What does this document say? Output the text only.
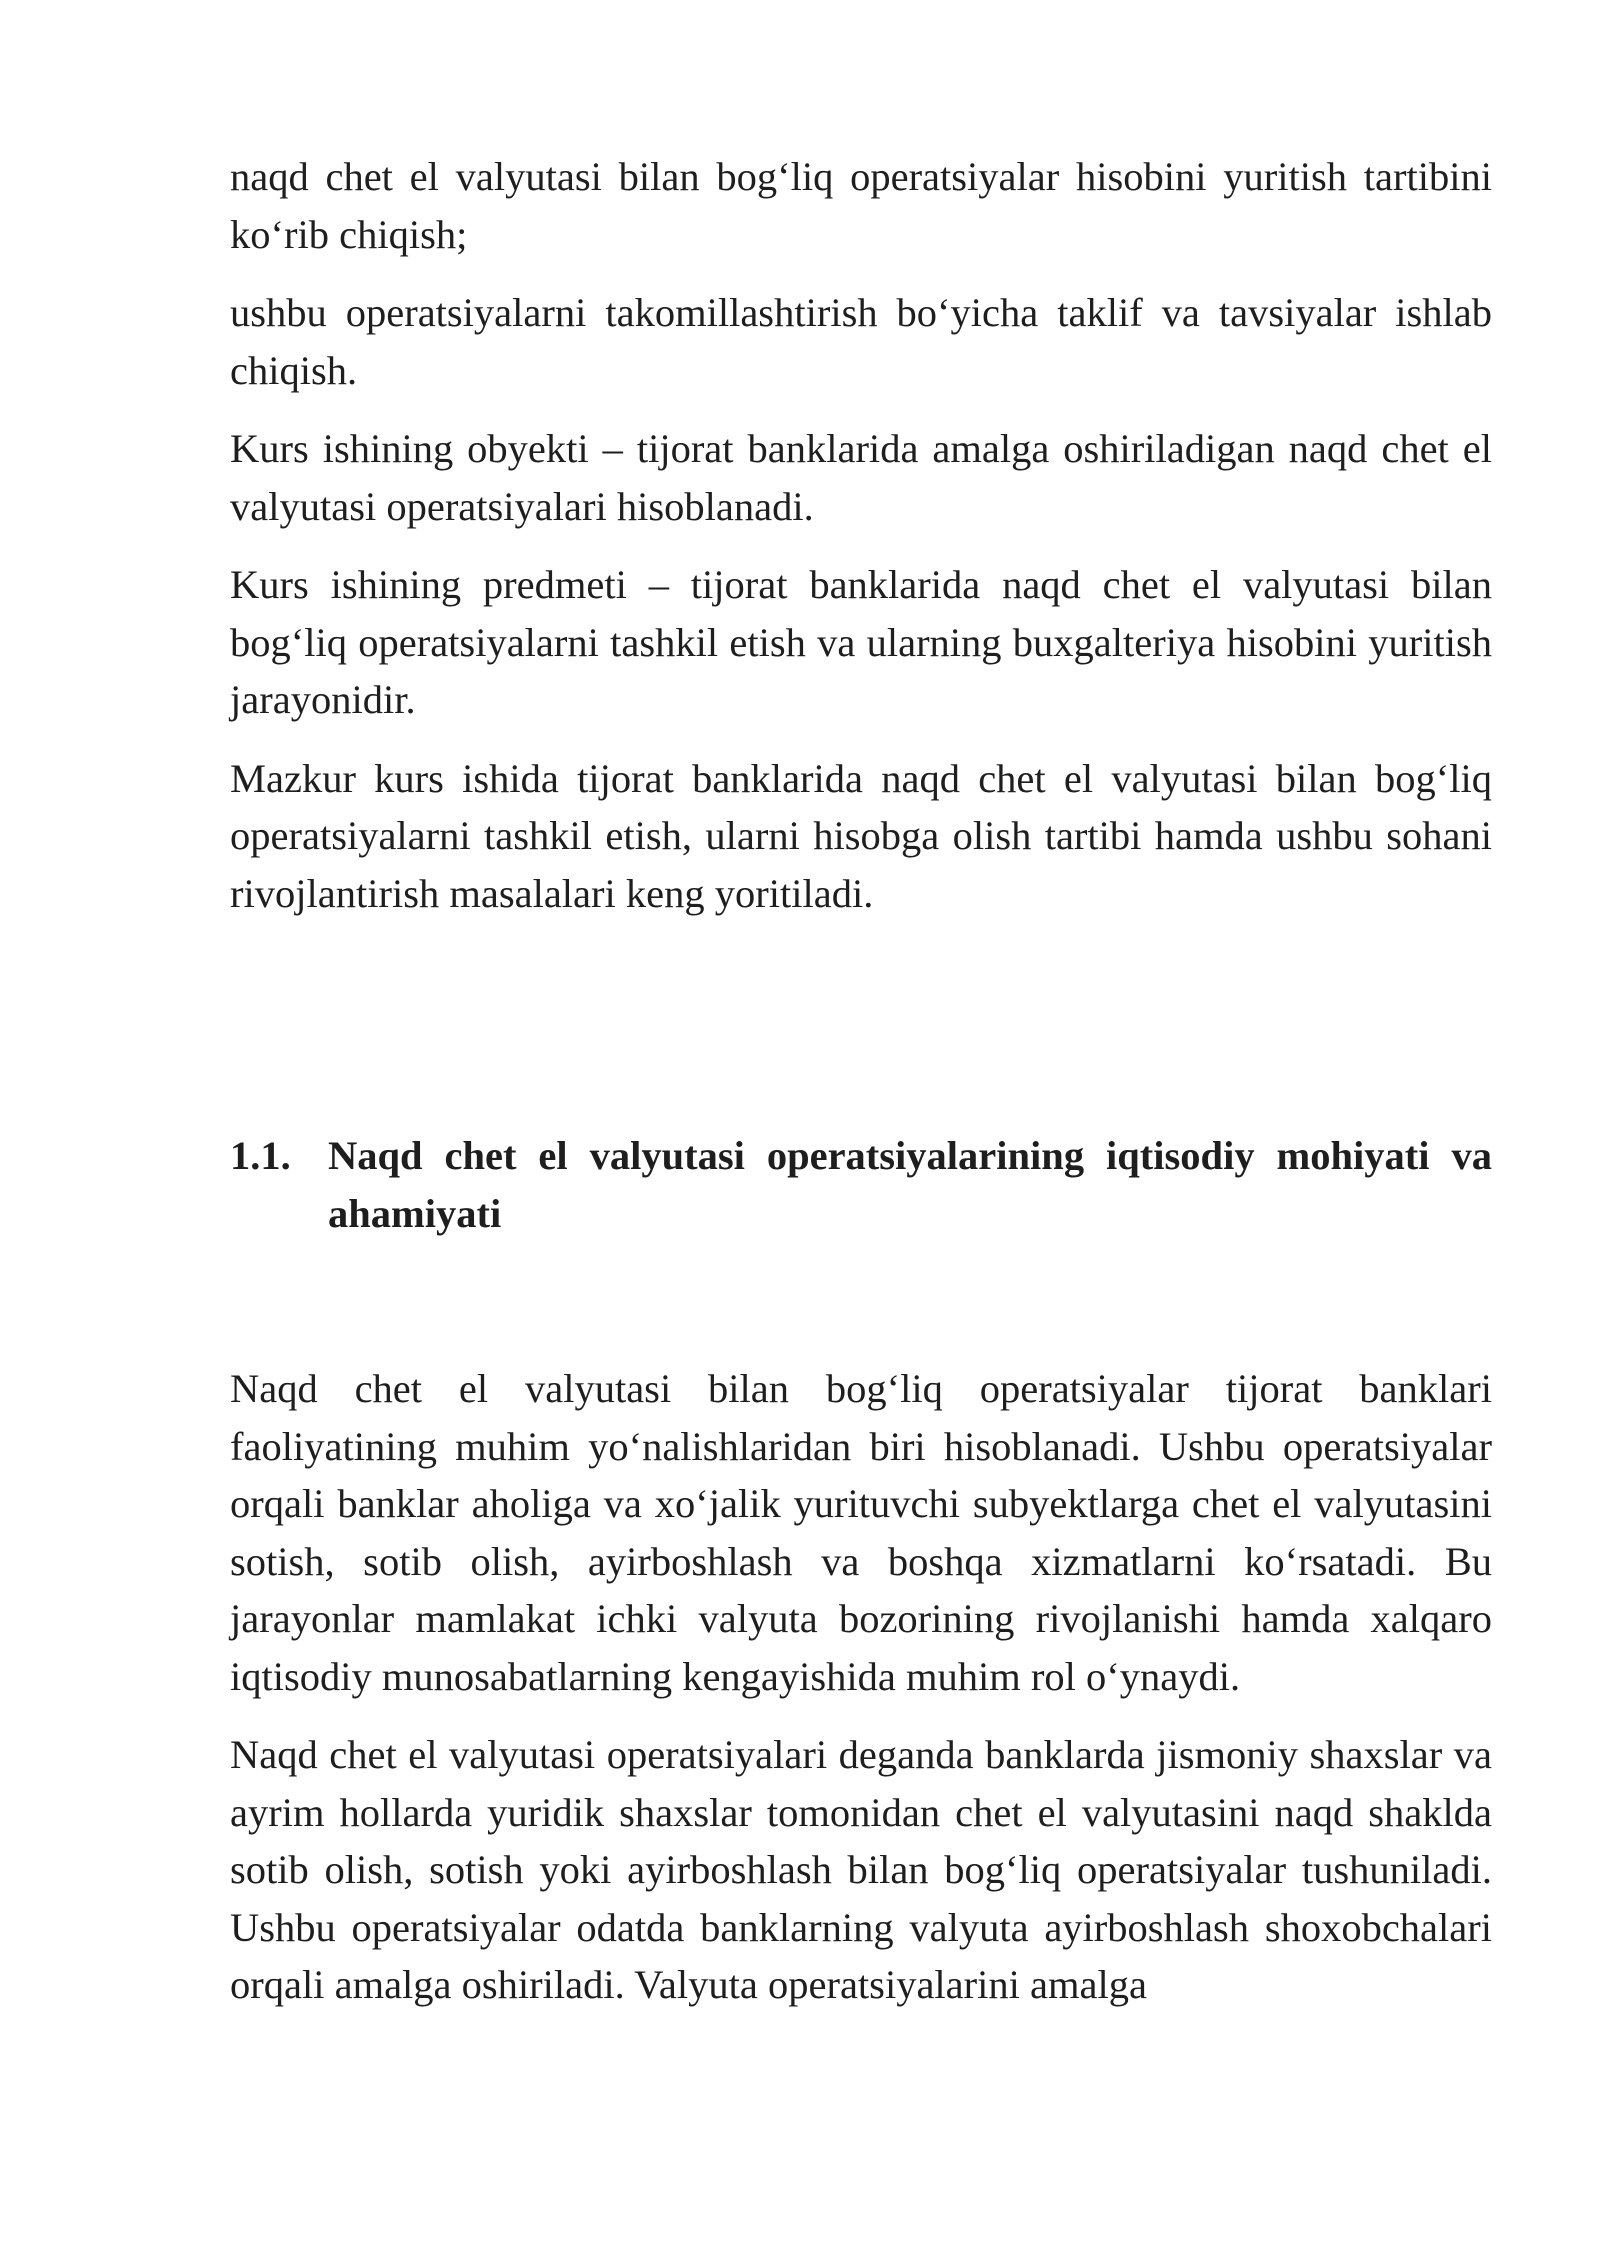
naqd chet el valyutasi bilan bog‘liq operatsiyalar hisobini yuritish tartibini ko‘rib chiqish;

ushbu operatsiyalarni takomillashtirish bo‘yicha taklif va tavsiyalar ishlab chiqish.

Kurs ishining obyekti – tijorat banklarida amalga oshiriladigan naqd chet el valyutasi operatsiyalari hisoblanadi.

Kurs ishining predmeti – tijorat banklarida naqd chet el valyutasi bilan bog‘liq operatsiyalarni tashkil etish va ularning buxgalteriya hisobini yuritish jarayonidir.

Mazkur kurs ishida tijorat banklarida naqd chet el valyutasi bilan bog‘liq operatsiyalarni tashkil etish, ularni hisobga olish tartibi hamda ushbu sohani rivojlantirish masalalari keng yoritiladi.

1.1. Naqd chet el valyutasi operatsiyalarining iqtisodiy mohiyati va ahamiyati

Naqd chet el valyutasi bilan bog‘liq operatsiyalar tijorat banklari faoliyatining muhim yo‘nalishlaridan biri hisoblanadi. Ushbu operatsiyalar orqali banklar aholiga va xo‘jalik yurituvchi subyektlarga chet el valyutasini sotish, sotib olish, ayirboshlash va boshqa xizmatlarni ko‘rsatadi. Bu jarayonlar mamlakat ichki valyuta bozorining rivojlanishi hamda xalqaro iqtisodiy munosabatlarning kengayishida muhim rol o‘ynaydi.

Naqd chet el valyutasi operatsiyalari deganda banklarda jismoniy shaxslar va ayrim hollarda yuridik shaxslar tomonidan chet el valyutasini naqd shaklda sotib olish, sotish yoki ayirboshlash bilan bog‘liq operatsiyalar tushuniladi. Ushbu operatsiyalar odatda banklarning valyuta ayirboshlash shoxobchalari orqali amalga oshiriladi. Valyuta operatsiyalarini amalga
